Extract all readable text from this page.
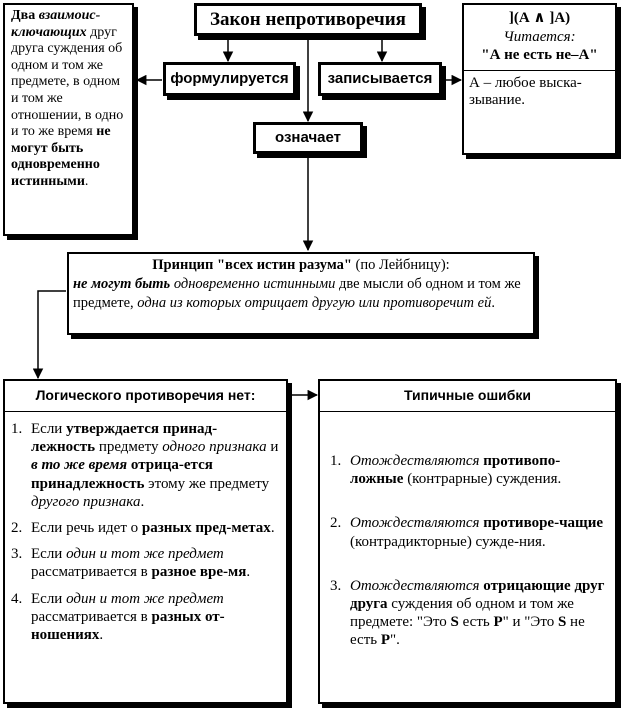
Закон непротиворечия
Два взаимоис-ключающих друг друга суждения об одном и том же предмете, в одном и том же отношении, в одно и то же время не могут быть одновременно истинными.
](А ∧ ]А)
Читается:
"А не есть не–А"
А – любое выска-зывание.
формулируется	записывается
означает
Принцип "всех истин разума" (по Лейбницу):
не могут быть одновременно истинными две мысли об одном и том же предмете, одна из которых отрицает другую или противоречит ей.
Логического противоречия нет:
1. Если утверждается принад-лежность предмету одного признака и в то же время отрица-ется принадлежность этому же предмету другого признака.
2. Если речь идет о разных пред-метах.
3. Если один и тот же предмет рассматривается в разное вре-мя.
4. Если один и тот же предмет рассматривается в разных от-ношениях.
Типичные ошибки
1. Отождествляются противопо-ложные (контрарные) суждения.
2. Отождествляются противоре-чащие (контрадикторные) сужде-ния.
3. Отождествляются отрицающие друг друга суждения об одном и том же предмете: "Это S есть P" и "Это S не есть P".
